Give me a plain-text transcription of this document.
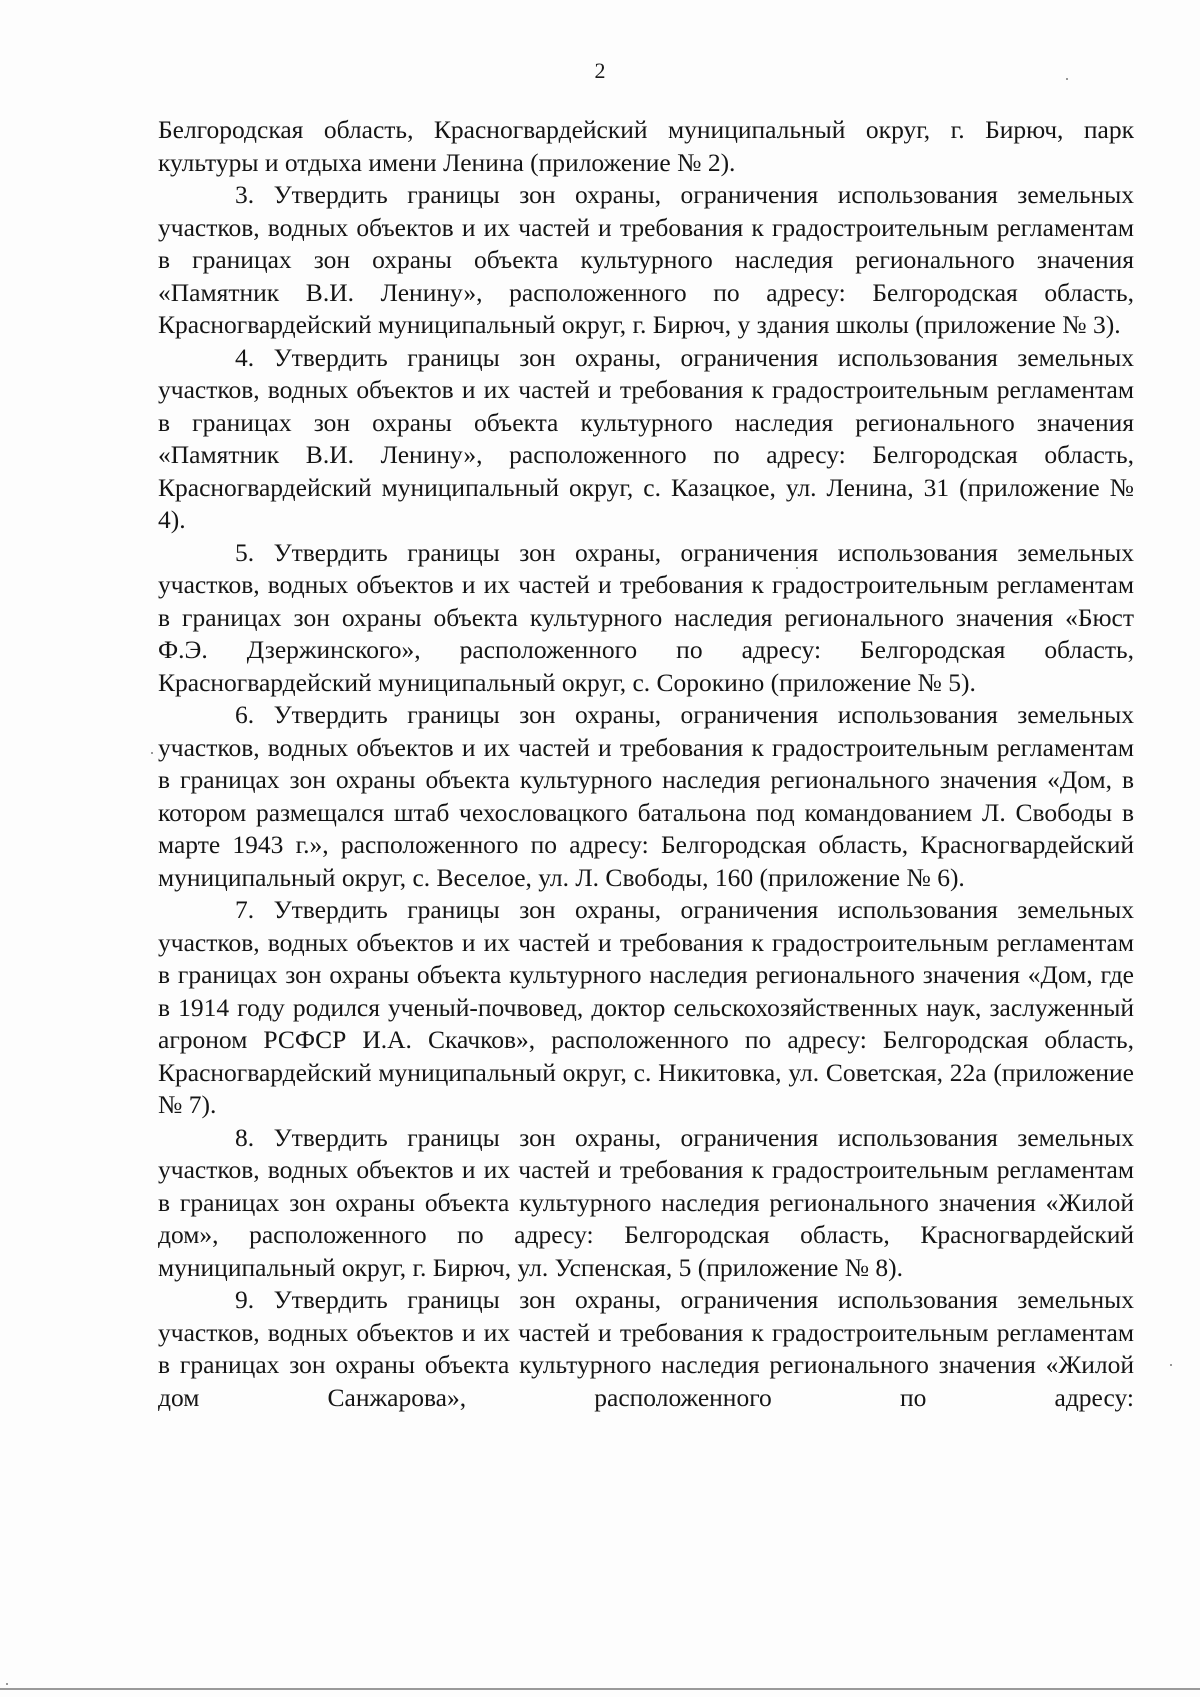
2

Белгородская область, Красногвардейский муниципальный округ, г. Бирюч, парк культуры и отдыха имени Ленина (приложение № 2).

3. Утвердить границы зон охраны, ограничения использования земельных участков, водных объектов и их частей и требования к градостроительным регламентам в границах зон охраны объекта культурного наследия регионального значения «Памятник В.И. Ленину», расположенного по адресу: Белгородская область, Красногвардейский муниципальный округ, г. Бирюч, у здания школы (приложение № 3).

4. Утвердить границы зон охраны, ограничения использования земельных участков, водных объектов и их частей и требования к градостроительным регламентам в границах зон охраны объекта культурного наследия регионального значения «Памятник В.И. Ленину», расположенного по адресу: Белгородская область, Красногвардейский муниципальный округ, с. Казацкое, ул. Ленина, 31 (приложение № 4).

5. Утвердить границы зон охраны, ограничения использования земельных участков, водных объектов и их частей и требования к градостроительным регламентам в границах зон охраны объекта культурного наследия регионального значения «Бюст Ф.Э. Дзержинского», расположенного по адресу: Белгородская область, Красногвардейский муниципальный округ, с. Сорокино (приложение № 5).

6. Утвердить границы зон охраны, ограничения использования земельных участков, водных объектов и их частей и требования к градостроительным регламентам в границах зон охраны объекта культурного наследия регионального значения «Дом, в котором размещался штаб чехословацкого батальона под командованием Л. Свободы в марте 1943 г.», расположенного по адресу: Белгородская область, Красногвардейский муниципальный округ, с. Веселое, ул. Л. Свободы, 160 (приложение № 6).

7. Утвердить границы зон охраны, ограничения использования земельных участков, водных объектов и их частей и требования к градостроительным регламентам в границах зон охраны объекта культурного наследия регионального значения «Дом, где в 1914 году родился ученый-почвовед, доктор сельскохозяйственных наук, заслуженный агроном РСФСР И.А. Скачков», расположенного по адресу: Белгородская область, Красногвардейский муниципальный округ, с. Никитовка, ул. Советская, 22а (приложение № 7).

8. Утвердить границы зон охраны, ограничения использования земельных участков, водных объектов и их частей и требования к градостроительным регламентам в границах зон охраны объекта культурного наследия регионального значения «Жилой дом», расположенного по адресу: Белгородская область, Красногвардейский муниципальный округ, г. Бирюч, ул. Успенская, 5 (приложение № 8).

9. Утвердить границы зон охраны, ограничения использования земельных участков, водных объектов и их частей и требования к градостроительным регламентам в границах зон охраны объекта культурного наследия регионального значения «Жилой дом Санжарова», расположенного по адресу:
